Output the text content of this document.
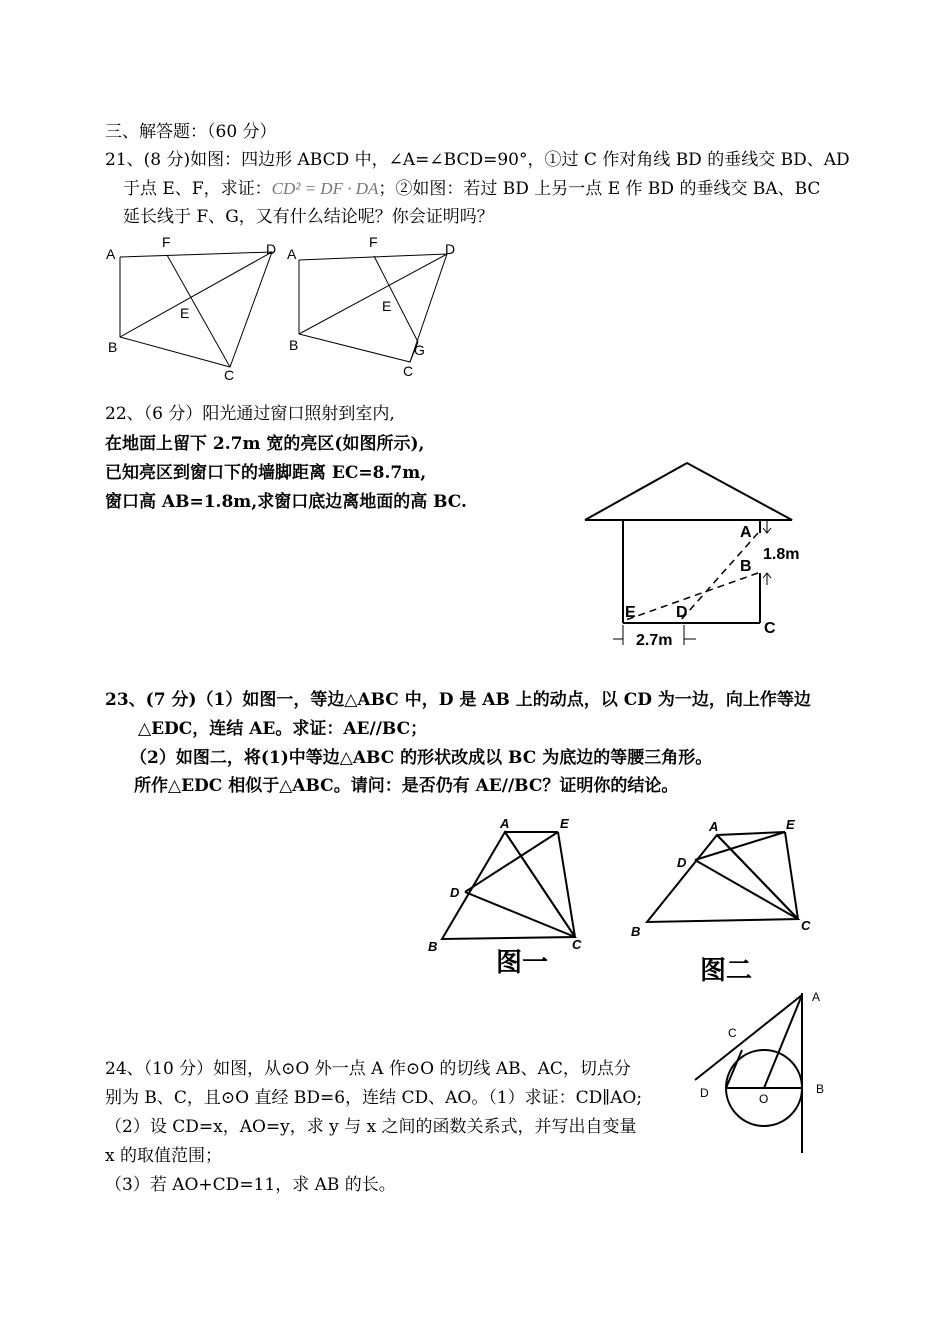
三、解答题：（60 分）
21、(8 分)如图：四边形 ABCD 中，∠A=∠BCD=90°，①过 C 作对角线 BD 的垂线交 BD、AD
于点 E、F，求证：CD² = DF · DA；②如图：若过 BD 上另一点 E 作 BD 的垂线交 BA、BC
延长线于 F、G，又有什么结论呢？你会证明吗？
A
F	D
E
B
C
A
F	D
E
B
C
G
22、（6 分）阳光通过窗口照射到室内,
在地面上留下 2.7m 宽的亮区(如图所示),
已知亮区到窗口下的墙脚距离 EC=8.7m,
窗口高 AB=1.8m,求窗口底边离地面的高 BC.
A
B
C
D
E
1.8m
2.7m
23、(7 分)（1）如图一，等边△ABC 中，D 是 AB 上的动点，以 CD 为一边，向上作等边
△EDC，连结 AE。求证：AE//BC；
（2）如图二，将(1)中等边△ABC 的形状改成以 BC 为底边的等腰三角形。
所作△EDC 相似于△ABC。请问：是否仍有 AE//BC？证明你的结论。
A	E
D
B	C
图一
A	E
D
B	C
图二
24、（10 分）如图，从⊙O 外一点 A 作⊙O 的切线 AB、AC，切点分
别为 B、C，且⊙O 直经 BD=6，连结 CD、AO。（1）求证：CD∥AO;
（2）设 CD=x，AO=y，求 y 与 x 之间的函数关系式，并写出自变量
x 的取值范围；
（3）若 AO+CD=11，求 AB 的长。
A
C
D	O
B
